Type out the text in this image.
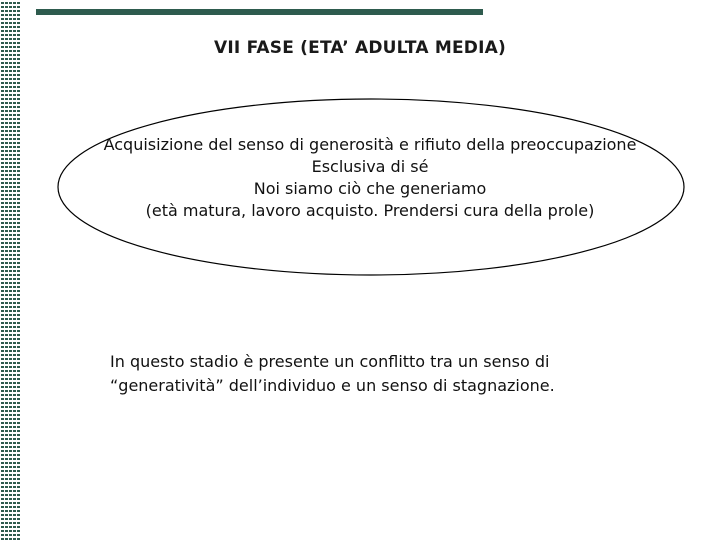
VII FASE (ETA’ ADULTA MEDIA)
Acquisizione del senso di generosità e rifiuto della preoccupazione
Esclusiva di sé
Noi siamo ciò che generiamo
(età matura, lavoro acquisto. Prendersi cura della prole)
In questo stadio è presente un conflitto tra un senso di
“generatività” dell’individuo e un senso di stagnazione.
